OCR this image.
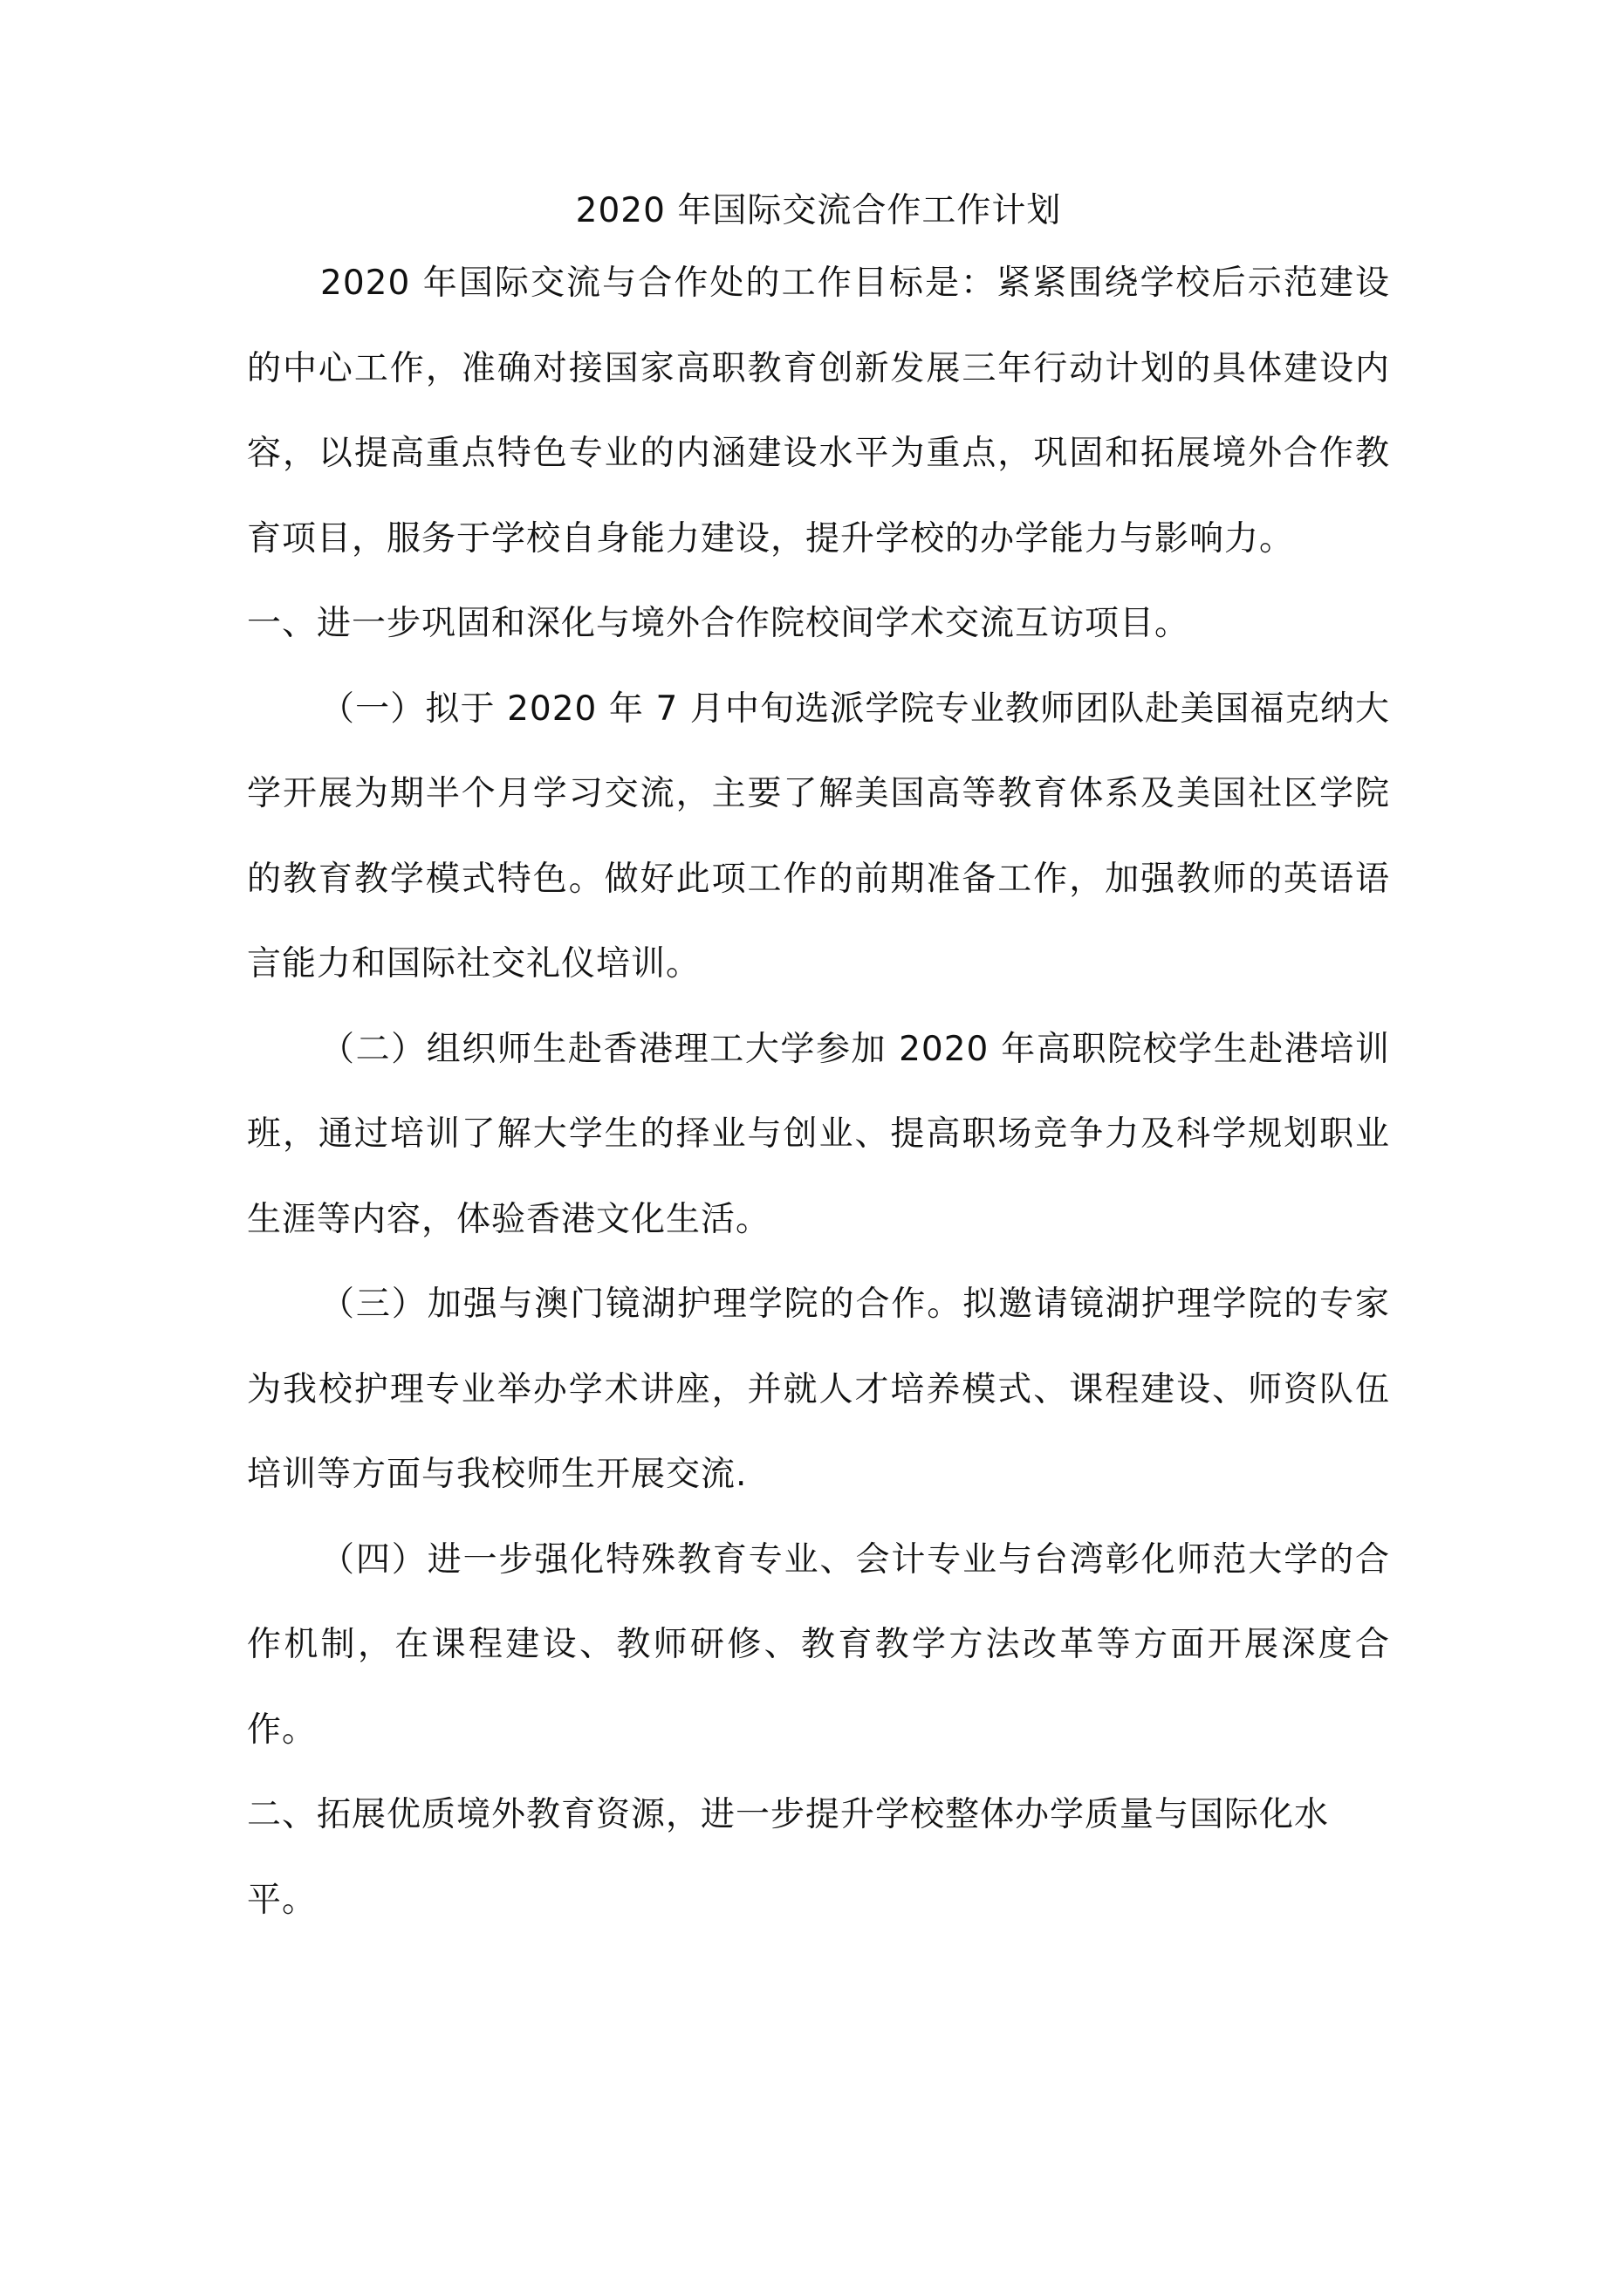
2020 年国际交流合作工作计划

2020 年国际交流与合作处的工作目标是：紧紧围绕学校后示范建设的中心工作，准确对接国家高职教育创新发展三年行动计划的具体建设内容，以提高重点特色专业的内涵建设水平为重点，巩固和拓展境外合作教育项目，服务于学校自身能力建设，提升学校的办学能力与影响力。

一、进一步巩固和深化与境外合作院校间学术交流互访项目。

（一）拟于 2020 年 7 月中旬选派学院专业教师团队赴美国福克纳大学开展为期半个月学习交流，主要了解美国高等教育体系及美国社区学院的教育教学模式特色。做好此项工作的前期准备工作，加强教师的英语语言能力和国际社交礼仪培训。

（二）组织师生赴香港理工大学参加 2020 年高职院校学生赴港培训班，通过培训了解大学生的择业与创业、提高职场竞争力及科学规划职业生涯等内容，体验香港文化生活。

（三）加强与澳门镜湖护理学院的合作。拟邀请镜湖护理学院的专家为我校护理专业举办学术讲座，并就人才培养模式、课程建设、师资队伍培训等方面与我校师生开展交流.

（四）进一步强化特殊教育专业、会计专业与台湾彰化师范大学的合作机制，在课程建设、教师研修、教育教学方法改革等方面开展深度合作。

二、拓展优质境外教育资源，进一步提升学校整体办学质量与国际化水平。
